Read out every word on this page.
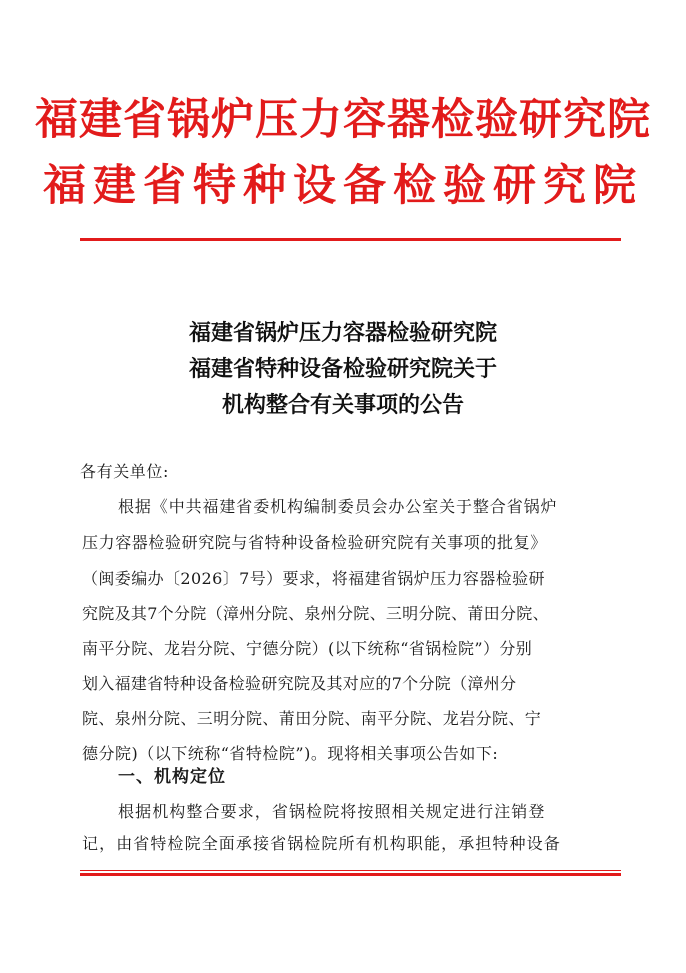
福建省锅炉压力容器检验研究院
福建省特种设备检验研究院
福建省锅炉压力容器检验研究院
福建省特种设备检验研究院关于
机构整合有关事项的公告
各有关单位:
根据《中共福建省委机构编制委员会办公室关于整合省锅炉
压力容器检验研究院与省特种设备检验研究院有关事项的批复》
（闽委编办〔2026〕7号）要求，将福建省锅炉压力容器检验研
究院及其7个分院（漳州分院、泉州分院、三明分院、莆田分院、
南平分院、龙岩分院、宁德分院）(以下统称“省锅检院”）分别
划入福建省特种设备检验研究院及其对应的7个分院（漳州分
院、泉州分院、三明分院、莆田分院、南平分院、龙岩分院、宁
德分院)（以下统称“省特检院”)。现将相关事项公告如下:
一、机构定位
根据机构整合要求，省锅检院将按照相关规定进行注销登
记，由省特检院全面承接省锅检院所有机构职能，承担特种设备
